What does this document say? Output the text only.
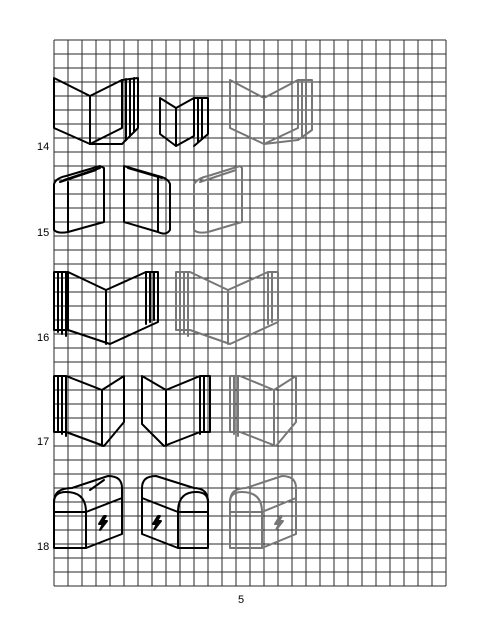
14
15
16
17
18
5
